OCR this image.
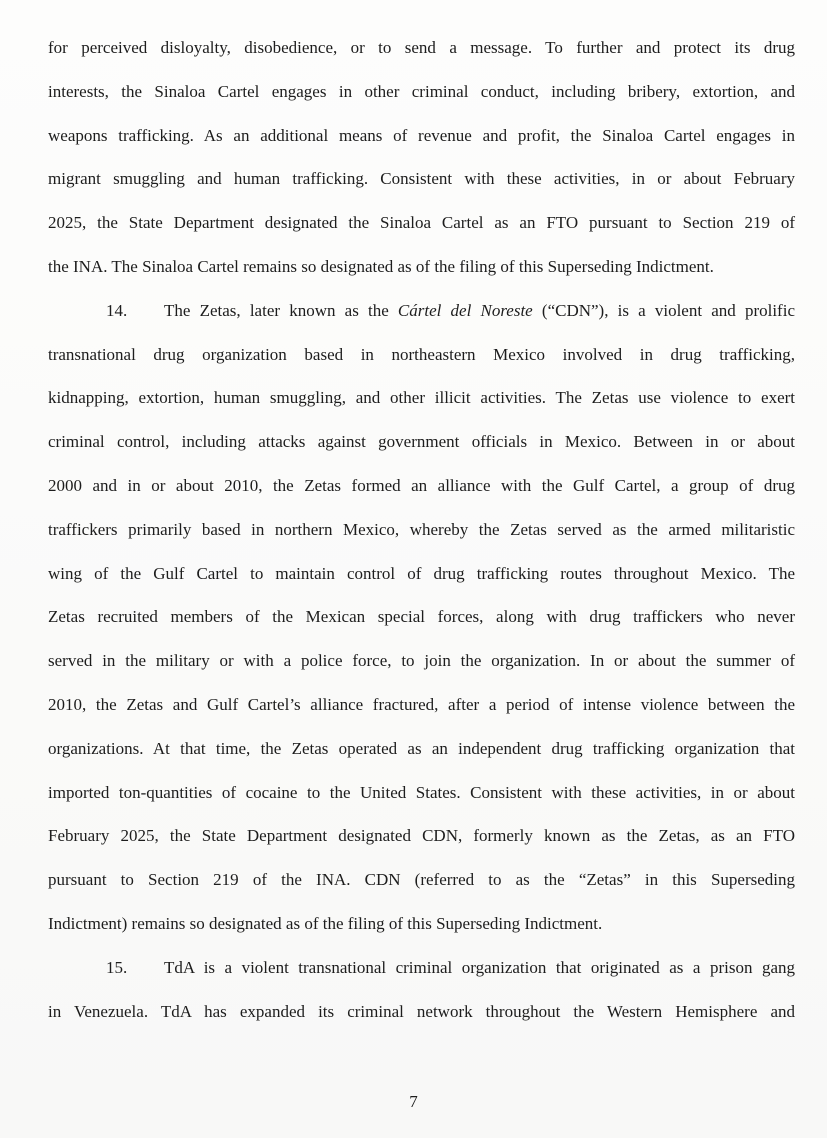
for perceived disloyalty, disobedience, or to send a message. To further and protect its drug
interests, the Sinaloa Cartel engages in other criminal conduct, including bribery, extortion, and
weapons trafficking. As an additional means of revenue and profit, the Sinaloa Cartel engages in
migrant smuggling and human trafficking. Consistent with these activities, in or about February
2025, the State Department designated the Sinaloa Cartel as an FTO pursuant to Section 219 of
the INA. The Sinaloa Cartel remains so designated as of the filing of this Superseding Indictment.
14.	The Zetas, later known as the Cártel del Noreste (“CDN”), is a violent and prolific
transnational drug organization based in northeastern Mexico involved in drug trafficking,
kidnapping, extortion, human smuggling, and other illicit activities. The Zetas use violence to exert
criminal control, including attacks against government officials in Mexico. Between in or about
2000 and in or about 2010, the Zetas formed an alliance with the Gulf Cartel, a group of drug
traffickers primarily based in northern Mexico, whereby the Zetas served as the armed militaristic
wing of the Gulf Cartel to maintain control of drug trafficking routes throughout Mexico. The
Zetas recruited members of the Mexican special forces, along with drug traffickers who never
served in the military or with a police force, to join the organization. In or about the summer of
2010, the Zetas and Gulf Cartel’s alliance fractured, after a period of intense violence between the
organizations. At that time, the Zetas operated as an independent drug trafficking organization that
imported ton-quantities of cocaine to the United States. Consistent with these activities, in or about
February 2025, the State Department designated CDN, formerly known as the Zetas, as an FTO
pursuant to Section 219 of the INA. CDN (referred to as the “Zetas” in this Superseding
Indictment) remains so designated as of the filing of this Superseding Indictment.
15.	TdA is a violent transnational criminal organization that originated as a prison gang
in Venezuela. TdA has expanded its criminal network throughout the Western Hemisphere and
7
